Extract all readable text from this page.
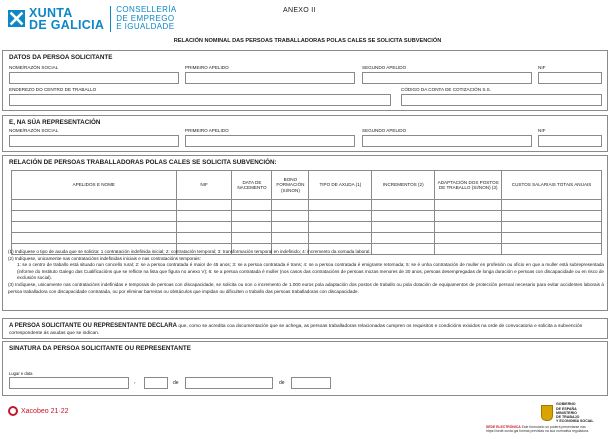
XUNTA
DE GALICIA
CONSELLERÍA
DE EMPREGO
E IGUALDADE
ANEXO II
RELACIÓN NOMINAL DAS PERSOAS TRABALLADORAS POLAS CALES SE SOLICITA SUBVENCIÓN
DATOS DA PERSOA SOLICITANTE
NOME/RAZÓN SOCIAL	PRIMEIRO APELIDO	SEGUNDO APELIDO	NIF
ENDEREZO DO CENTRO DE TRABALLO	CÓDIGO DA CONTA DE COTIZACIÓN S.S.
E, NA SÚA REPRESENTACIÓN
NOME/RAZÓN SOCIAL	PRIMEIRO APELIDO	SEGUNDO APELIDO	NIF
RELACIÓN DE PERSOAS TRABALLADORAS POLAS CALES SE SOLICITA SUBVENCIÓN:
APELIDOS E NOME	NIF	DATA DE NACEMENTO	BONO FORMACIÓN (SI/NON)	TIPO DE AXUDA (1)	INCREMENTOS (2)	ADAPTACIÓN DOS POSTOS DE TRABALLO (SI/NON) (3)	CUSTOS SALARIAIS TOTAIS ANUAIS

(1) Indíquese o tipo de axuda que se solicita: 1 contratación indefinida inicial; 2: contratación temporal; 3: transformación temporal en indefinido; 4: incremento da xornada laboral.

(2) Indíquese, unicamente nas contratacións indefinidas iniciais e nas contratacións temporais:

1: se o centro de traballo está situado nun concello rural; 2: se a persoa contratada é maior de 45 anos; 3: se a persoa contratada é trans; 4: se a persoa contratada é emigrante retornada; 5: se é unha contratación de muller en profesión ou oficio en que a muller está subrepresentada (informe do Instituto Galego das Cualificacións que se reflicte na lista que figura no anexo V); 6: se a persoa contratada é muller (nos casos das contratacións de persoas mozas menores de 30 anos, persoas desempregadas de longa duración e persoas con discapacidade ou en risco de exclusión social).

(3) Indíquese, unicamente nas contratacións indefinidas e temporais de persoas con discapacidade, se solicita ou non o incremento de 1.000 euros pola adaptación dos postos de traballo ou pola dotación de equipamentos de protección persoal necesario para evitar accidentes laborais á persoa traballadora con discapacidade contratada, ou por eliminar barreiras ou obstáculos que impidan ou dificulten o traballo das persoas traballadoras con discapacidade.

A PERSOA SOLICITANTE OU REPRESENTANTE DECLARA que, como se acredita coa documentación que se achega, as persoas traballadoras relacionadas cumpren os requisitos e condicións exixidos na orde de convocatoria e solicita a subvención correspondente ás axudas que se indican.
SINATURA DA PERSOA SOLICITANTE OU REPRESENTANTE
Lugar e data
,	de	de
Xacobeo 21·22
GOBIERNO
DE ESPAÑA
MINISTERIO
DE TRABAJO
Y ECONOMÍA SOCIAL
SEDE ELECTRÓNICA Este formulario só poderá presentarse nas
https://sede.xunta.gal formas previstas na súa normativa reguladora.
